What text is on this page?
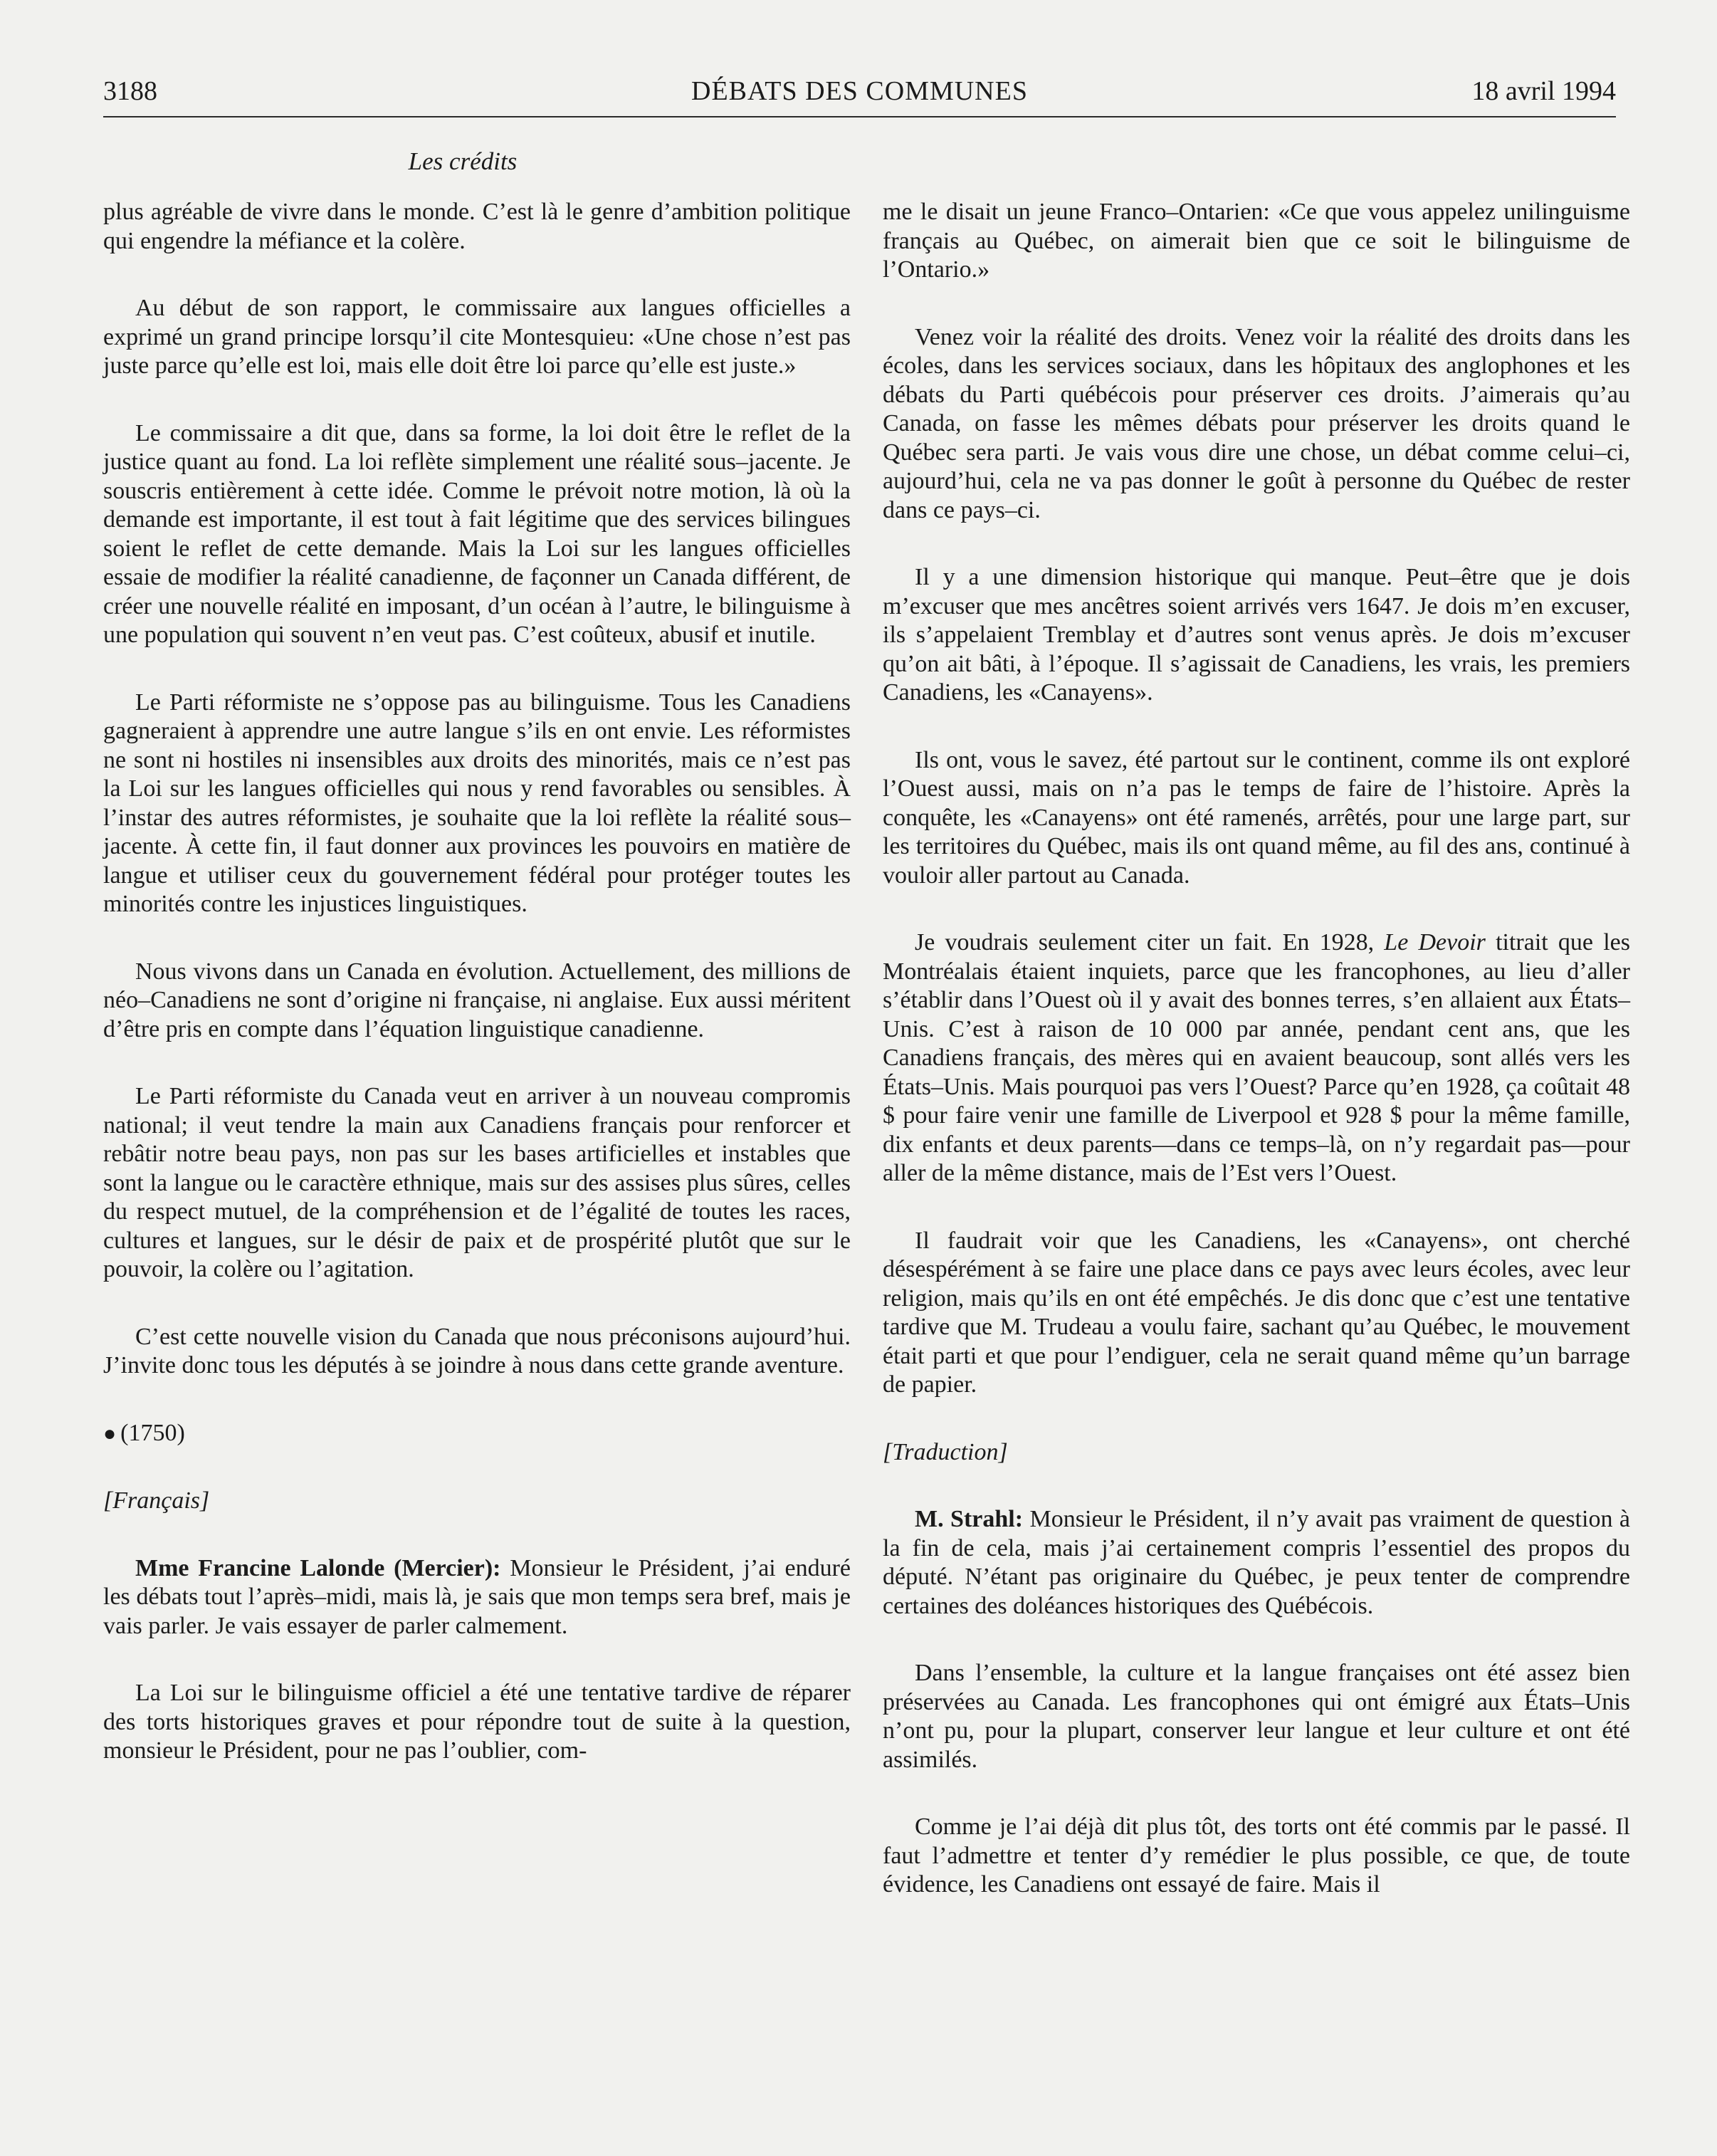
3188	DÉBATS DES COMMUNES	18 avril 1994
Les crédits

plus agréable de vivre dans le monde. C’est là le genre d’ambition politique qui engendre la méfiance et la colère.

Au début de son rapport, le commissaire aux langues officielles a exprimé un grand principe lorsqu’il cite Montesquieu: «Une chose n’est pas juste parce qu’elle est loi, mais elle doit être loi parce qu’elle est juste.»

Le commissaire a dit que, dans sa forme, la loi doit être le reflet de la justice quant au fond. La loi reflète simplement une réalité sous–jacente. Je souscris entièrement à cette idée. Comme le prévoit notre motion, là où la demande est importante, il est tout à fait légitime que des services bilingues soient le reflet de cette demande. Mais la Loi sur les langues officielles essaie de modifier la réalité canadienne, de façonner un Canada différent, de créer une nouvelle réalité en imposant, d’un océan à l’autre, le bilinguisme à une population qui souvent n’en veut pas. C’est coûteux, abusif et inutile.

Le Parti réformiste ne s’oppose pas au bilinguisme. Tous les Canadiens gagneraient à apprendre une autre langue s’ils en ont envie. Les réformistes ne sont ni hostiles ni insensibles aux droits des minorités, mais ce n’est pas la Loi sur les langues officielles qui nous y rend favorables ou sensibles. À l’instar des autres réformistes, je souhaite que la loi reflète la réalité sous–jacente. À cette fin, il faut donner aux provinces les pouvoirs en matière de langue et utiliser ceux du gouvernement fédéral pour protéger toutes les minorités contre les injustices linguistiques.

Nous vivons dans un Canada en évolution. Actuellement, des millions de néo–Canadiens ne sont d’origine ni française, ni anglaise. Eux aussi méritent d’être pris en compte dans l’équation linguistique canadienne.

Le Parti réformiste du Canada veut en arriver à un nouveau compromis national; il veut tendre la main aux Canadiens français pour renforcer et rebâtir notre beau pays, non pas sur les bases artificielles et instables que sont la langue ou le caractère ethnique, mais sur des assises plus sûres, celles du respect mutuel, de la compréhension et de l’égalité de toutes les races, cultures et langues, sur le désir de paix et de prospérité plutôt que sur le pouvoir, la colère ou l’agitation.

C’est cette nouvelle vision du Canada que nous préconisons aujourd’hui. J’invite donc tous les députés à se joindre à nous dans cette grande aventure.

● (1750)

[Français]

Mme Francine Lalonde (Mercier): Monsieur le Président, j’ai enduré les débats tout l’après–midi, mais là, je sais que mon temps sera bref, mais je vais parler. Je vais essayer de parler calmement.

La Loi sur le bilinguisme officiel a été une tentative tardive de réparer des torts historiques graves et pour répondre tout de suite à la question, monsieur le Président, pour ne pas l’oublier, com-

me le disait un jeune Franco–Ontarien: «Ce que vous appelez unilinguisme français au Québec, on aimerait bien que ce soit le bilinguisme de l’Ontario.»

Venez voir la réalité des droits. Venez voir la réalité des droits dans les écoles, dans les services sociaux, dans les hôpitaux des anglophones et les débats du Parti québécois pour préserver ces droits. J’aimerais qu’au Canada, on fasse les mêmes débats pour préserver les droits quand le Québec sera parti. Je vais vous dire une chose, un débat comme celui–ci, aujourd’hui, cela ne va pas donner le goût à personne du Québec de rester dans ce pays–ci.

Il y a une dimension historique qui manque. Peut–être que je dois m’excuser que mes ancêtres soient arrivés vers 1647. Je dois m’en excuser, ils s’appelaient Tremblay et d’autres sont venus après. Je dois m’excuser qu’on ait bâti, à l’époque. Il s’agissait de Canadiens, les vrais, les premiers Canadiens, les «Canayens».

Ils ont, vous le savez, été partout sur le continent, comme ils ont exploré l’Ouest aussi, mais on n’a pas le temps de faire de l’histoire. Après la conquête, les «Canayens» ont été ramenés, arrêtés, pour une large part, sur les territoires du Québec, mais ils ont quand même, au fil des ans, continué à vouloir aller partout au Canada.

Je voudrais seulement citer un fait. En 1928, Le Devoir titrait que les Montréalais étaient inquiets, parce que les francophones, au lieu d’aller s’établir dans l’Ouest où il y avait des bonnes terres, s’en allaient aux États–Unis. C’est à raison de 10 000 par année, pendant cent ans, que les Canadiens français, des mères qui en avaient beaucoup, sont allés vers les États–Unis. Mais pourquoi pas vers l’Ouest? Parce qu’en 1928, ça coûtait 48 $ pour faire venir une famille de Liverpool et 928 $ pour la même famille, dix enfants et deux parents—dans ce temps–là, on n’y regardait pas—pour aller de la même distance, mais de l’Est vers l’Ouest.

Il faudrait voir que les Canadiens, les «Canayens», ont cherché désespérément à se faire une place dans ce pays avec leurs écoles, avec leur religion, mais qu’ils en ont été empêchés. Je dis donc que c’est une tentative tardive que M. Trudeau a voulu faire, sachant qu’au Québec, le mouvement était parti et que pour l’endiguer, cela ne serait quand même qu’un barrage de papier.

[Traduction]

M. Strahl: Monsieur le Président, il n’y avait pas vraiment de question à la fin de cela, mais j’ai certainement compris l’essentiel des propos du député. N’étant pas originaire du Québec, je peux tenter de comprendre certaines des doléances historiques des Québécois.

Dans l’ensemble, la culture et la langue françaises ont été assez bien préservées au Canada. Les francophones qui ont émigré aux États–Unis n’ont pu, pour la plupart, conserver leur langue et leur culture et ont été assimilés.

Comme je l’ai déjà dit plus tôt, des torts ont été commis par le passé. Il faut l’admettre et tenter d’y remédier le plus possible, ce que, de toute évidence, les Canadiens ont essayé de faire. Mais il
